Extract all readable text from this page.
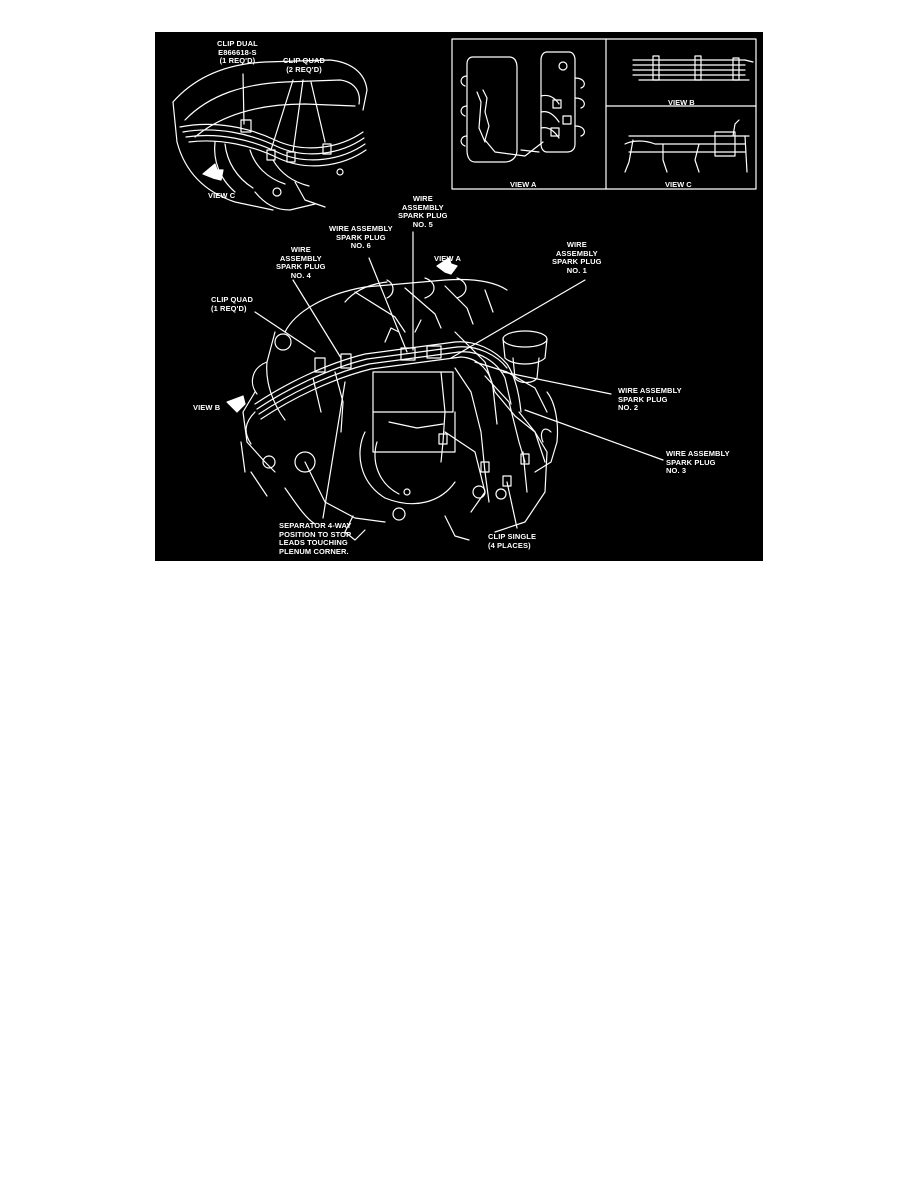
CLIP DUAL
E866618-S
(1 REQ'D)	CLIP QUAD
(2 REQ'D)
VIEW C
VIEW A
VIEW B
VIEW C
WIRE
ASSEMBLY
SPARK PLUG
NO. 5
WIRE ASSEMBLY
SPARK PLUG
NO. 6
WIRE
ASSEMBLY
SPARK PLUG
NO. 4
VIEW A
WIRE
ASSEMBLY
SPARK PLUG
NO. 1
CLIP QUAD
(1 REQ'D)
VIEW B
WIRE ASSEMBLY
SPARK PLUG
NO. 2
WIRE ASSEMBLY
SPARK PLUG
NO. 3
SEPARATOR 4-WAY
POSITION TO STOP
LEADS TOUCHING
PLENUM CORNER.
CLIP SINGLE
(4 PLACES)
